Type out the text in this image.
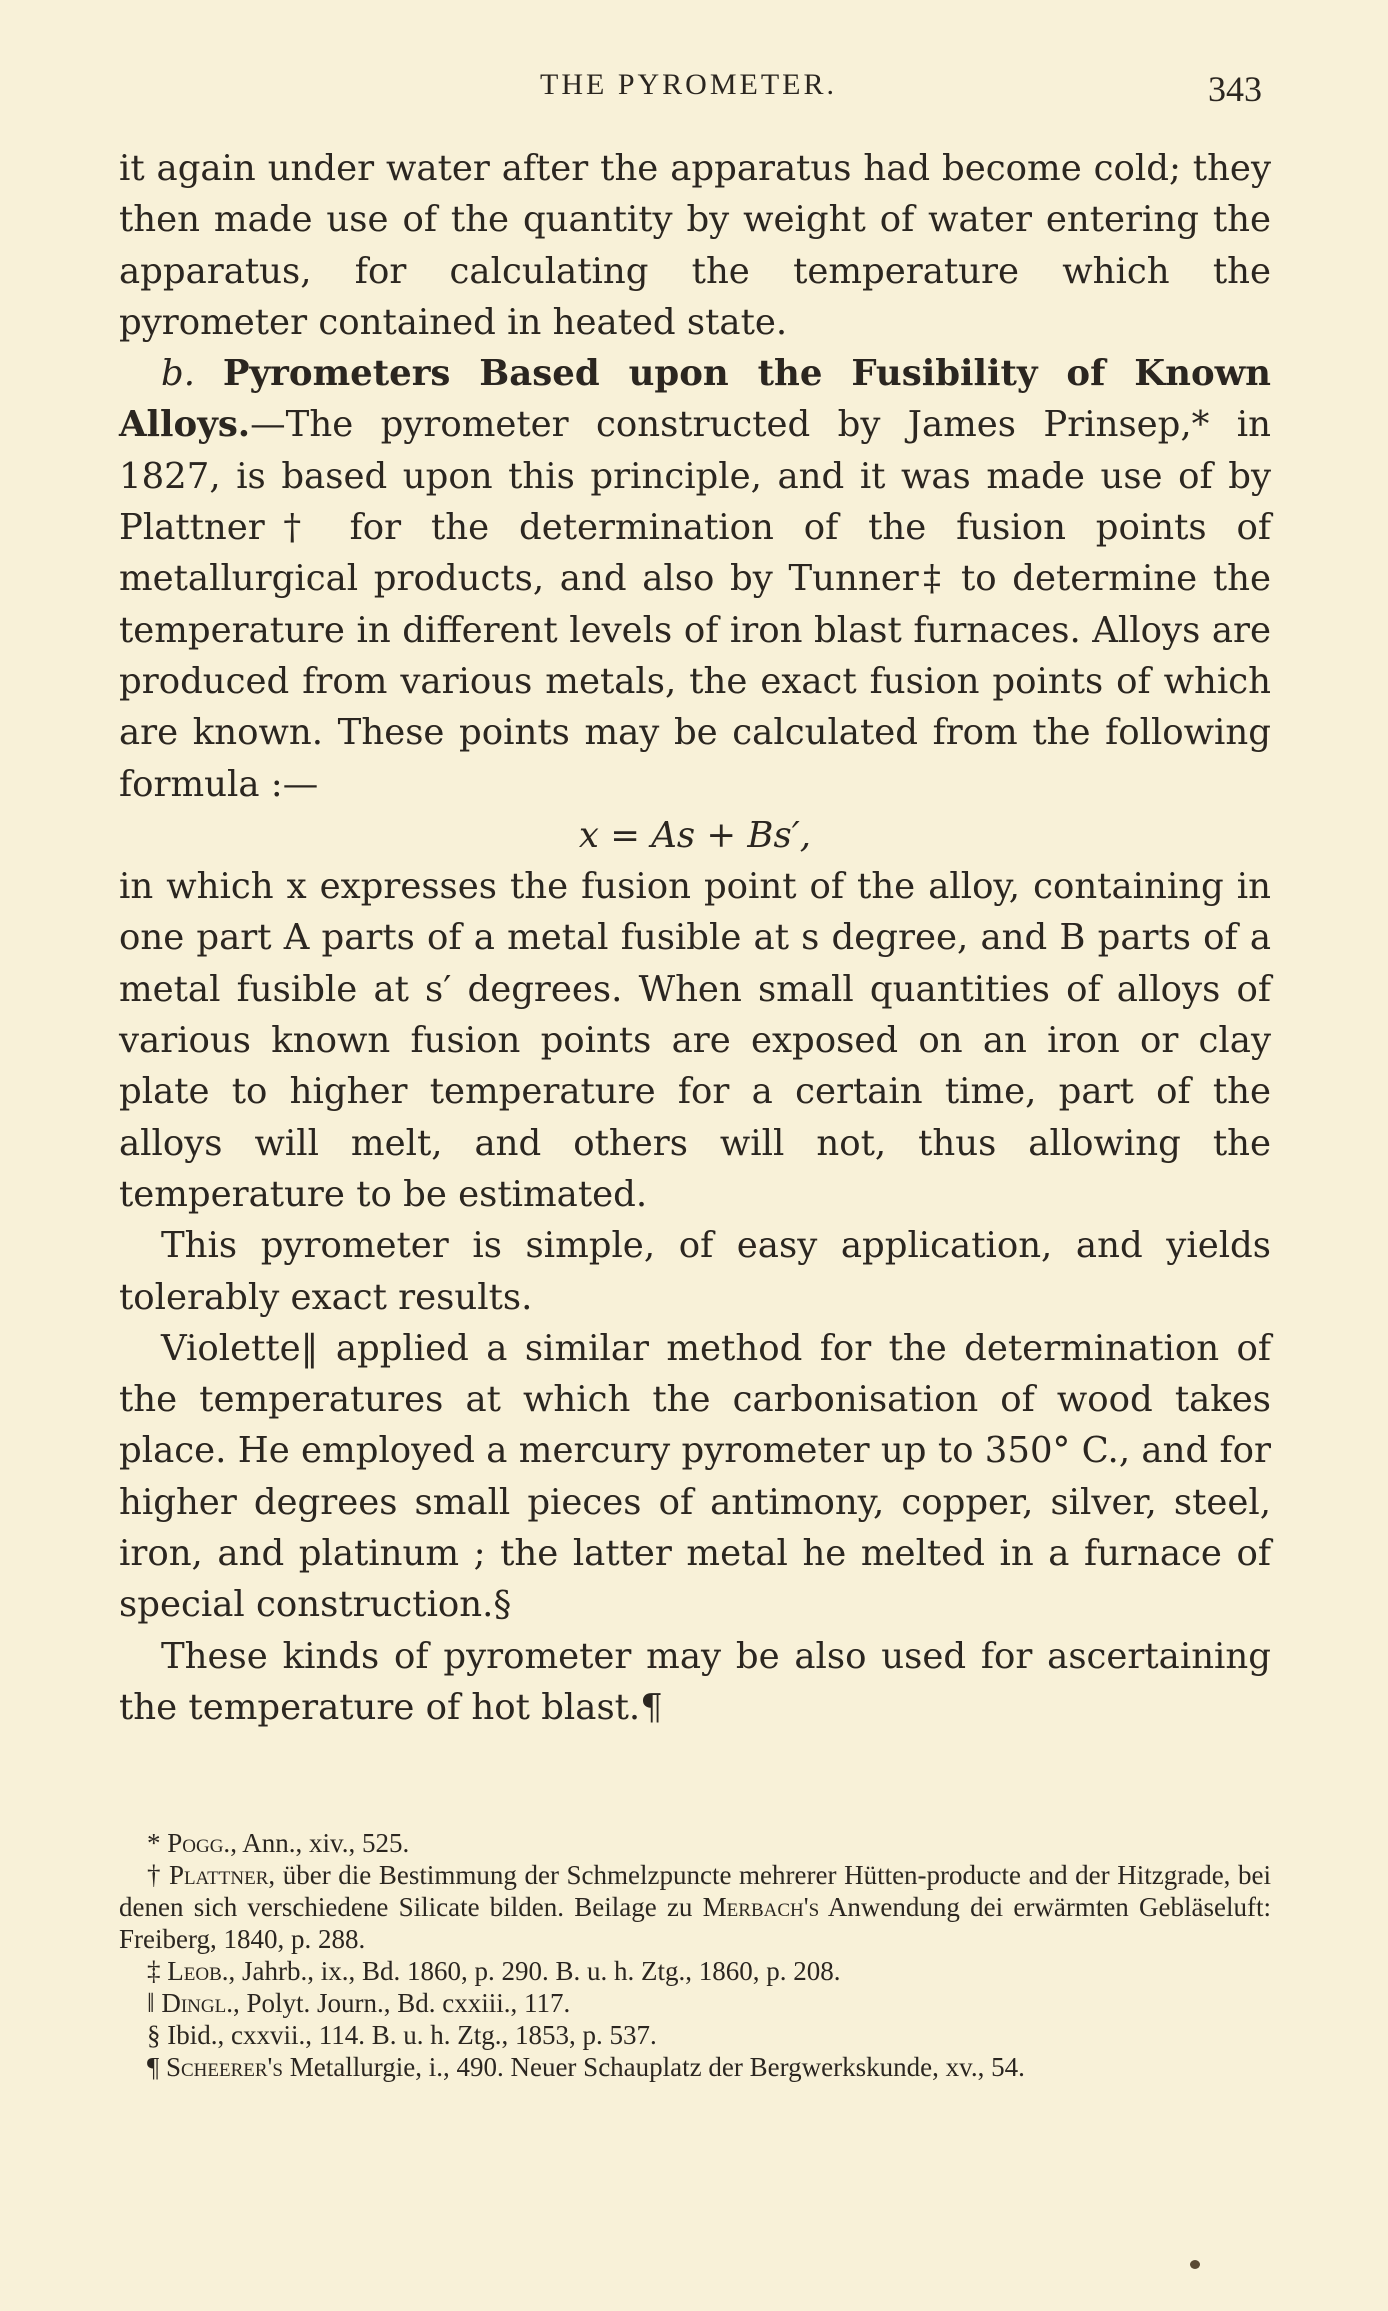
THE PYROMETER.	343

it again under water after the apparatus had become cold; they then made use of the quantity by weight of water entering the apparatus, for calculating the temperature which the pyrometer contained in heated state.

b. Pyrometers Based upon the Fusibility of Known Alloys.—The pyrometer constructed by James Prinsep,* in 1827, is based upon this principle, and it was made use of by Plattner† for the determination of the fusion points of metallurgical products, and also by Tunner‡ to determine the temperature in different levels of iron blast furnaces. Alloys are produced from various metals, the exact fusion points of which are known. These points may be calculated from the following formula :—

x = As + Bs′,

in which x expresses the fusion point of the alloy, containing in one part A parts of a metal fusible at s degree, and B parts of a metal fusible at s′ degrees. When small quantities of alloys of various known fusion points are exposed on an iron or clay plate to higher temperature for a certain time, part of the alloys will melt, and others will not, thus allowing the temperature to be estimated.

This pyrometer is simple, of easy application, and yields tolerably exact results.

Violette‖ applied a similar method for the determination of the temperatures at which the carbonisation of wood takes place. He employed a mercury pyrometer up to 350° C., and for higher degrees small pieces of antimony, copper, silver, steel, iron, and platinum ; the latter metal he melted in a furnace of special construction.§

These kinds of pyrometer may be also used for ascertaining the temperature of hot blast.¶

* Pogg., Ann., xiv., 525.

† Plattner, über die Bestimmung der Schmelzpuncte mehrerer Hütten-producte and der Hitzgrade, bei denen sich verschiedene Silicate bilden. Beilage zu Merbach's Anwendung dei erwärmten Gebläseluft: Freiberg, 1840, p. 288.

‡ Leob., Jahrb., ix., Bd. 1860, p. 290. B. u. h. Ztg., 1860, p. 208.

‖ Dingl., Polyt. Journ., Bd. cxxiii., 117.

§ Ibid., cxxvii., 114. B. u. h. Ztg., 1853, p. 537.

¶ Scheerer's Metallurgie, i., 490. Neuer Schauplatz der Bergwerkskunde, xv., 54.
